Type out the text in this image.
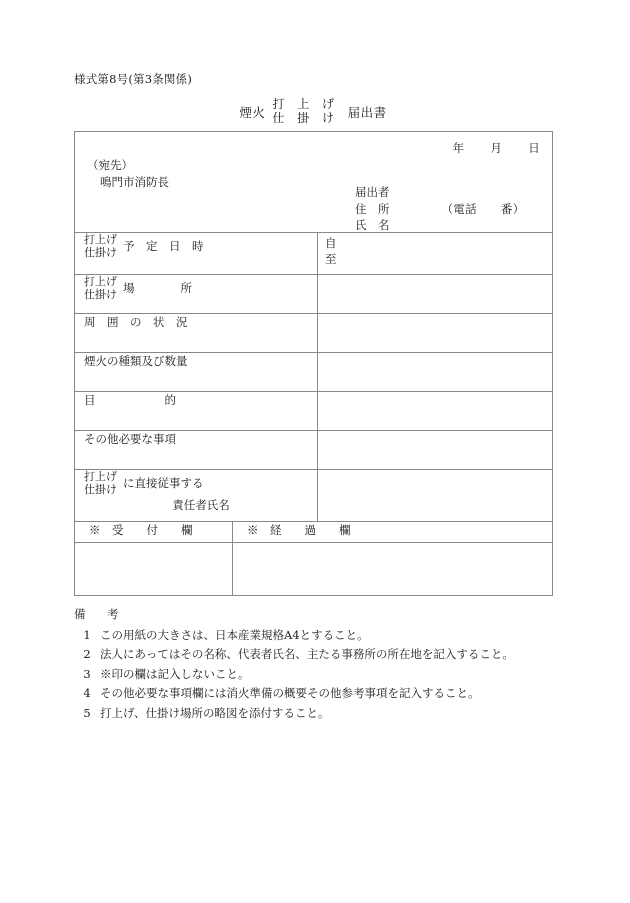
様式第8号(第3条関係)
煙火
打 上 げ
仕 掛 け 届出書
年 月 日
（宛先）
鳴門市消防長
届出者
住　所	（電話 番）
氏　名

打上げ
仕掛け 予　定　日　時	自
至

打上げ
仕掛け 場　　　　所		

周　囲　の　状　況		

煙火の種類及び数量		

目　　　　　　的		

その他必要な事項		

打上げ
仕掛け に直接従事する
責任者氏名		

※　受　　付　　欄	※　経　　過　　欄	

備　考
1 この用紙の大きさは、日本産業規格A4とすること。
2 法人にあってはその名称、代表者氏名、主たる事務所の所在地を記入すること。
3 ※印の欄は記入しないこと。
4 その他必要な事項欄には消火準備の概要その他参考事項を記入すること。
5 打上げ、仕掛け場所の略図を添付すること。
